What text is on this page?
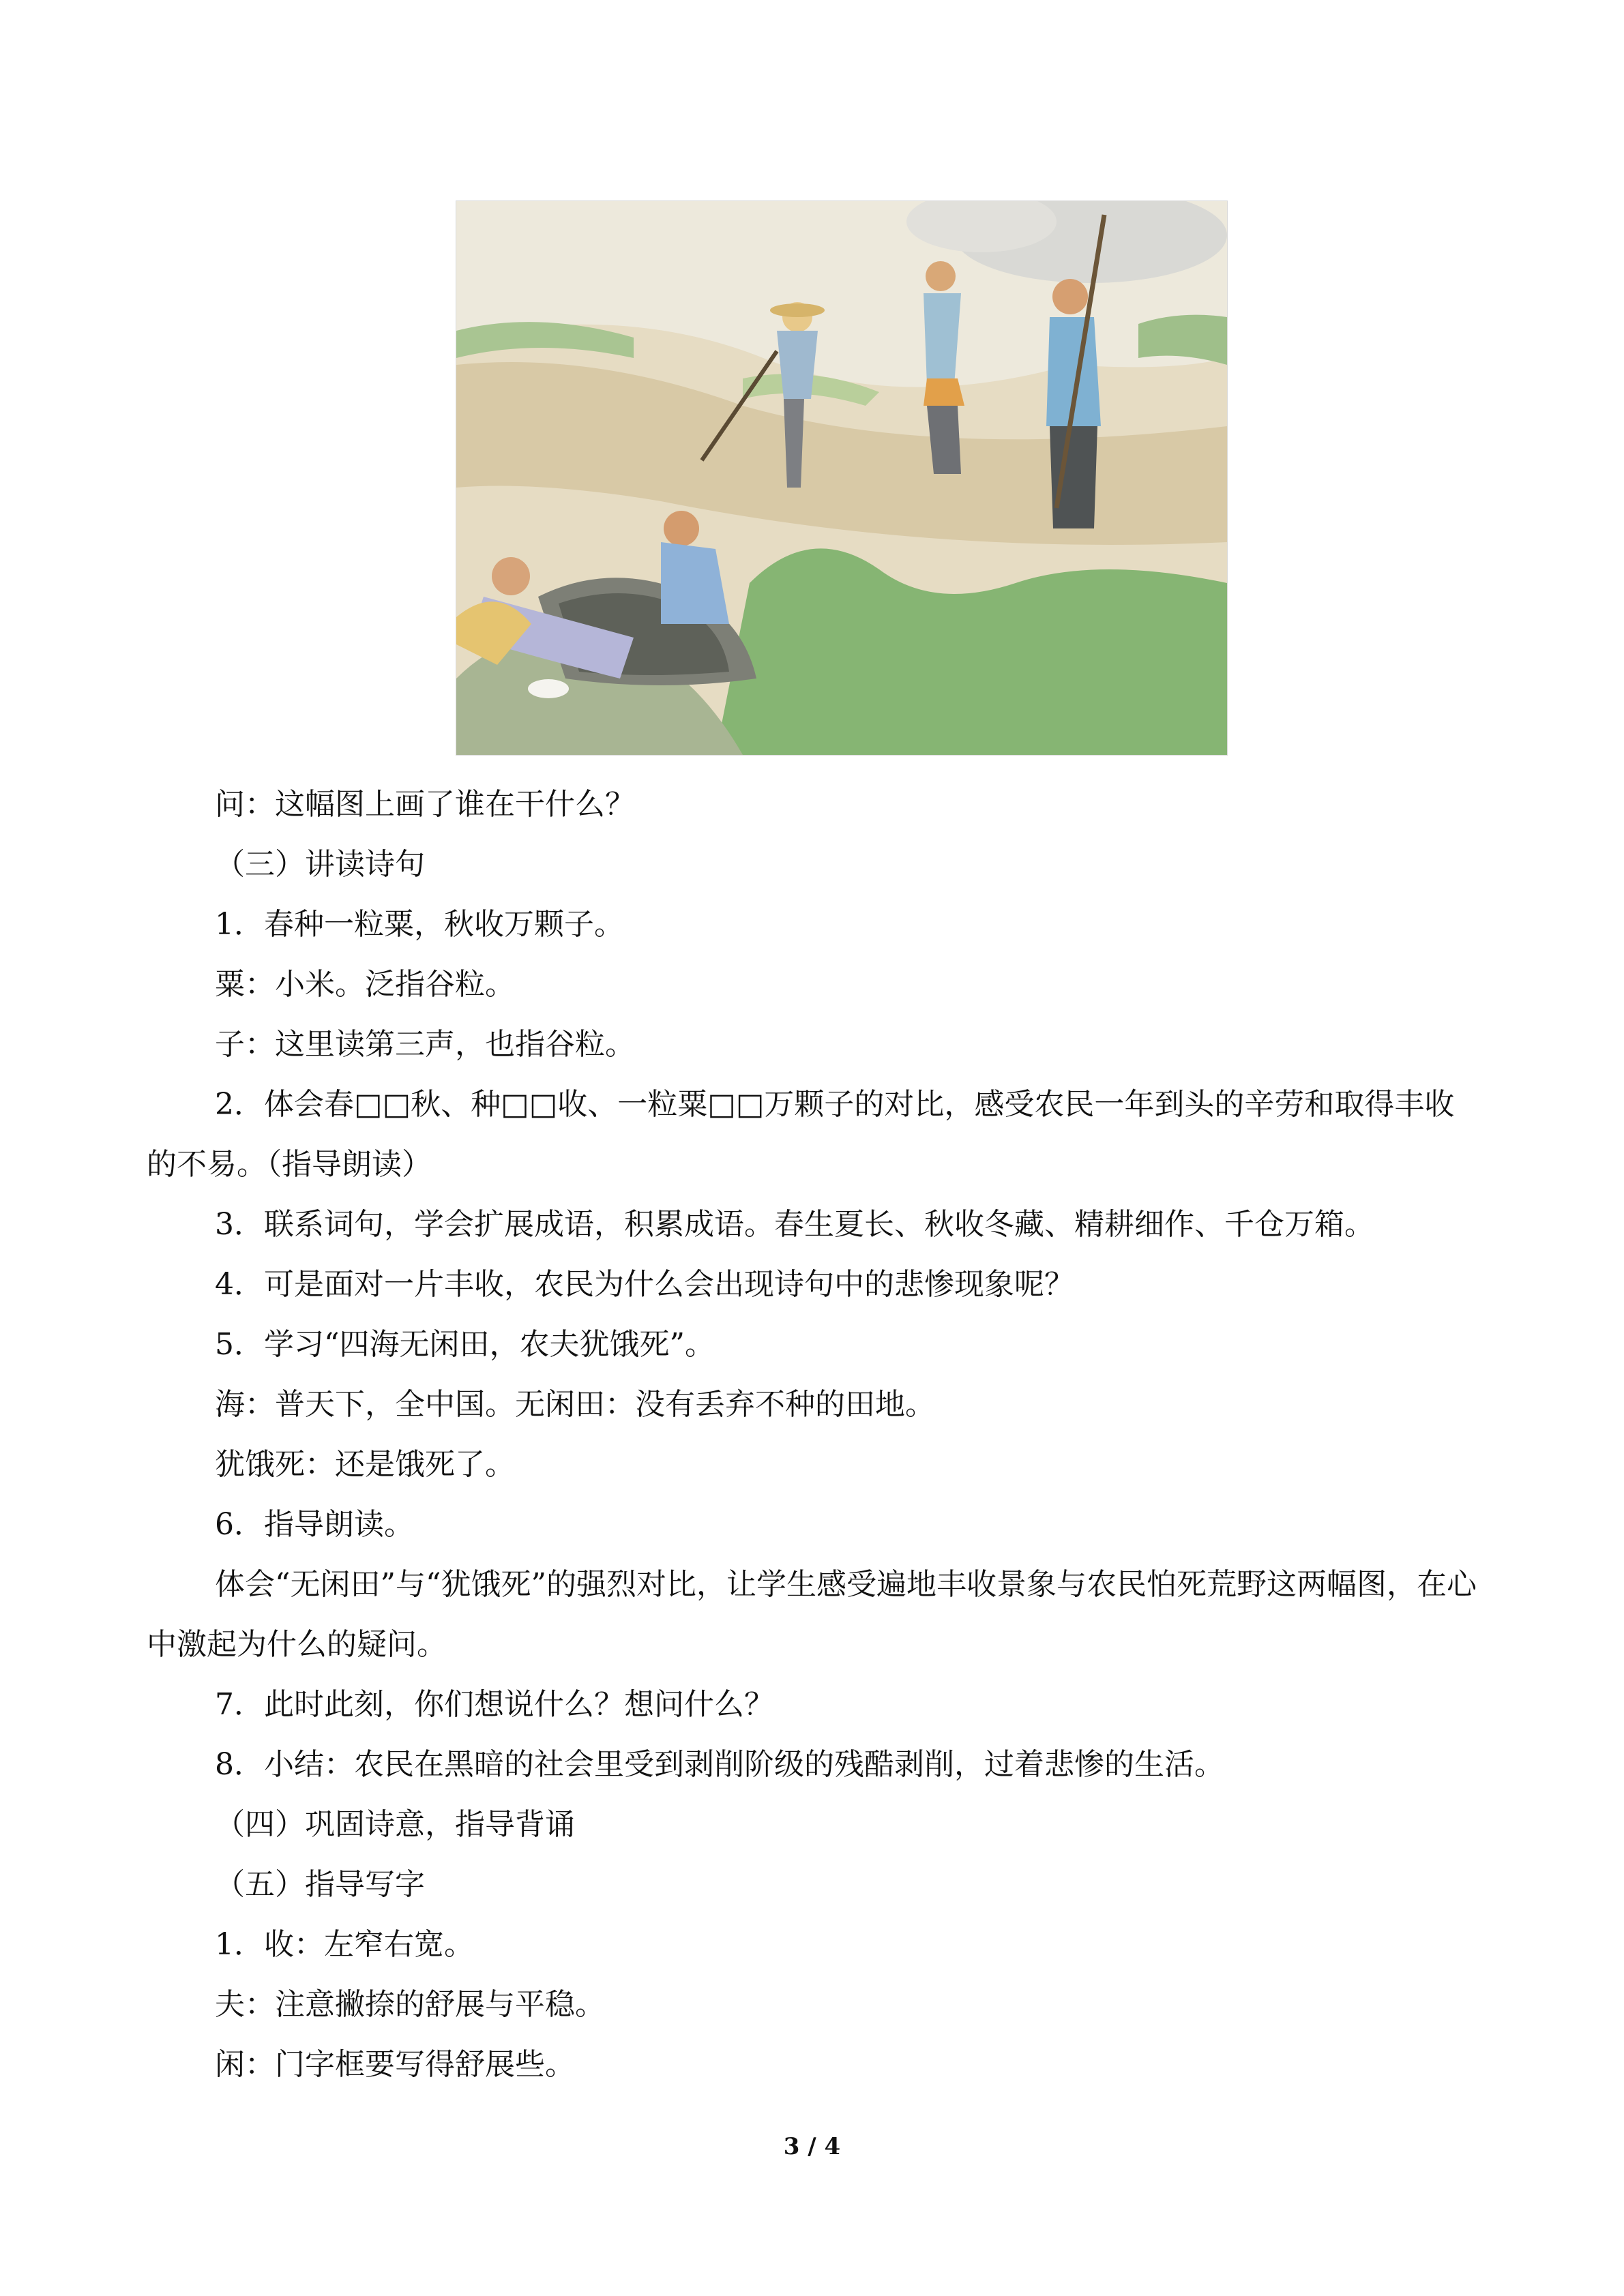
问：这幅图上画了谁在干什么？

（三）讲读诗句

1．春种一粒粟，秋收万颗子。

粟：小米。泛指谷粒。

子：这里读第三声，也指谷粒。

2．体会春□□秋、种□□收、一粒粟□□万颗子的对比，感受农民一年到头的辛劳和取得丰收的不易。（指导朗读）

3．联系词句，学会扩展成语，积累成语。春生夏长、秋收冬藏、精耕细作、千仓万箱。

4．可是面对一片丰收，农民为什么会出现诗句中的悲惨现象呢？

5．学习“四海无闲田，农夫犹饿死”。

海：普天下，全中国。无闲田：没有丢弃不种的田地。

犹饿死：还是饿死了。

6．指导朗读。

体会“无闲田”与“犹饿死”的强烈对比，让学生感受遍地丰收景象与农民怕死荒野这两幅图，在心中激起为什么的疑问。

7．此时此刻，你们想说什么？想问什么？

8．小结：农民在黑暗的社会里受到剥削阶级的残酷剥削，过着悲惨的生活。

（四）巩固诗意，指导背诵

（五）指导写字

1．收：左窄右宽。

夫：注意撇捺的舒展与平稳。

闲：门字框要写得舒展些。

3 / 4
